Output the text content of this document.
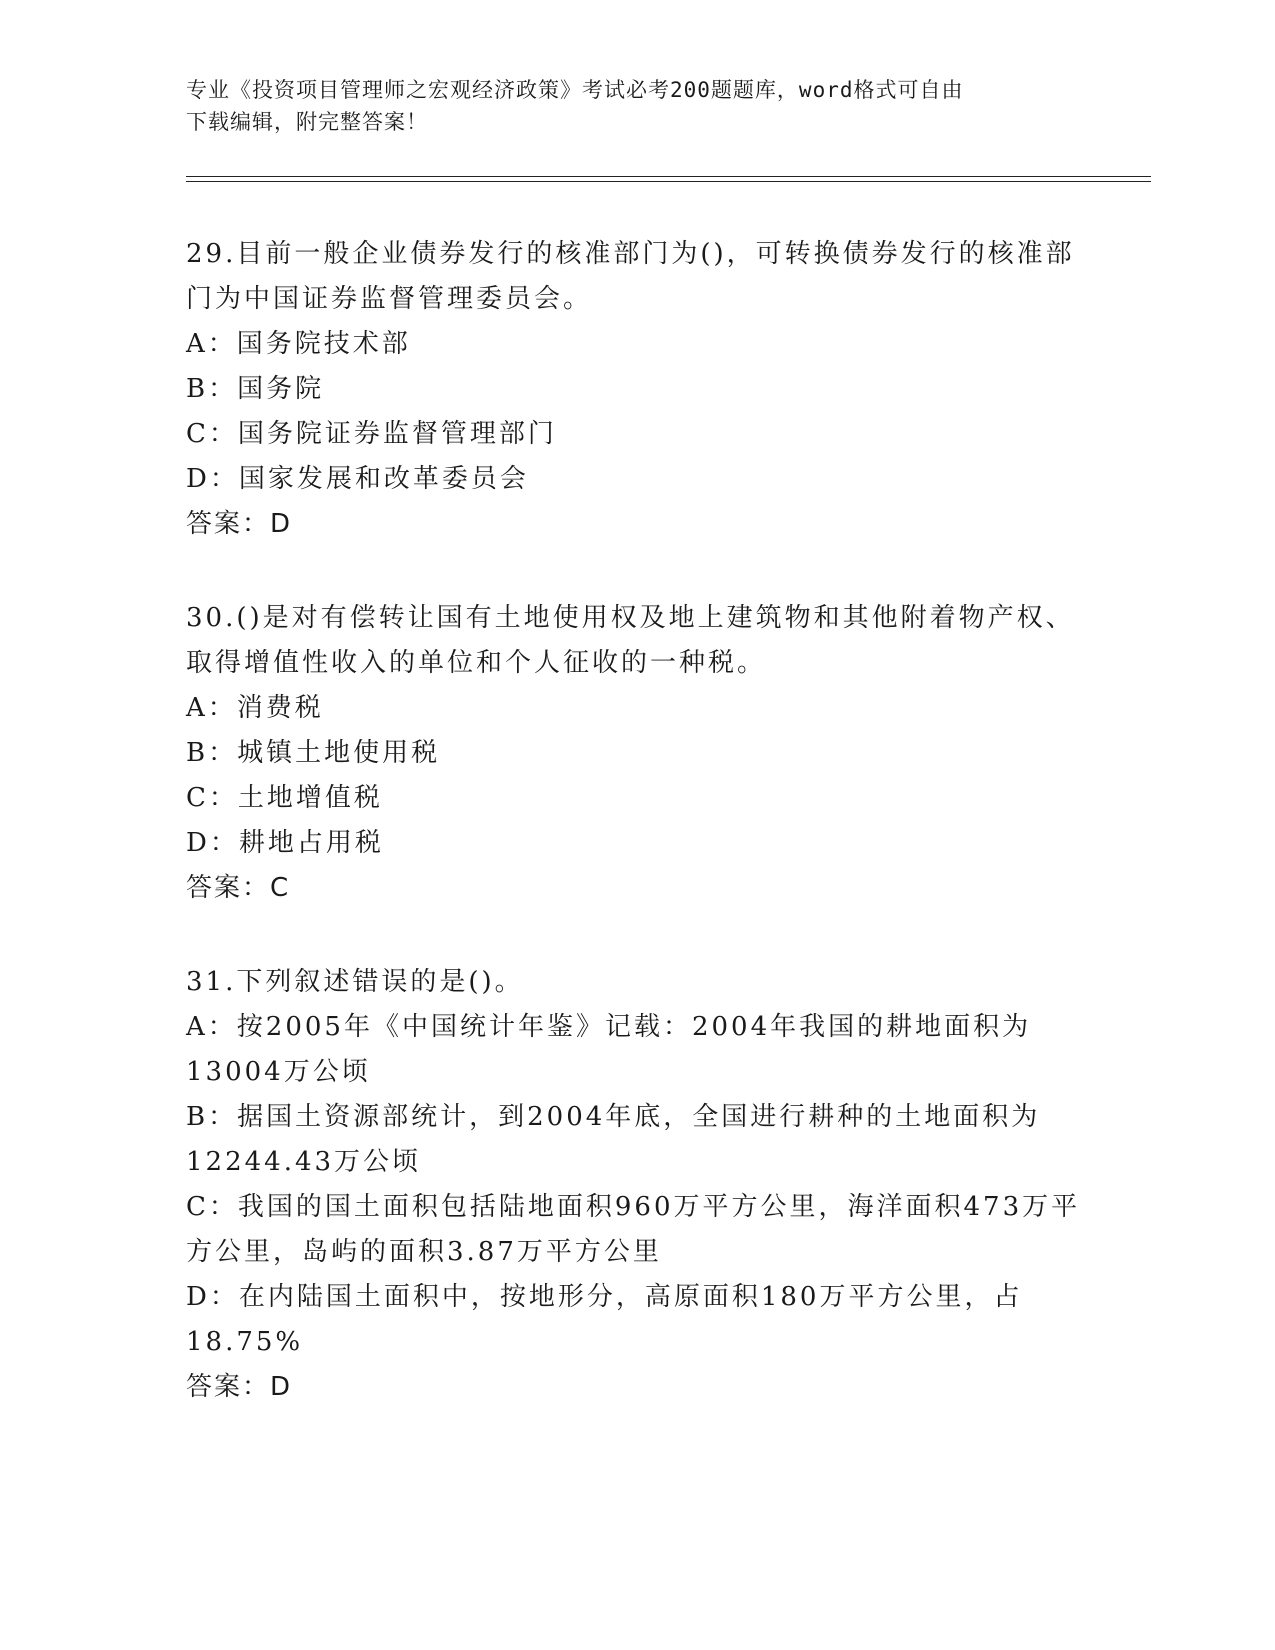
专业《投资项目管理师之宏观经济政策》考试必考200题题库，word格式可自由
下载编辑，附完整答案！
29.目前一般企业债券发行的核准部门为()，可转换债券发行的核准部
门为中国证券监督管理委员会。
A：国务院技术部
B：国务院
C：国务院证券监督管理部门
D：国家发展和改革委员会
答案：D
30.()是对有偿转让国有土地使用权及地上建筑物和其他附着物产权、
取得增值性收入的单位和个人征收的一种税。
A：消费税
B：城镇土地使用税
C：土地增值税
D：耕地占用税
答案：C
31.下列叙述错误的是()。
A：按2005年《中国统计年鉴》记载：2004年我国的耕地面积为
13004万公顷
B：据国土资源部统计，到2004年底，全国进行耕种的土地面积为
12244.43万公顷
C：我国的国土面积包括陆地面积960万平方公里，海洋面积473万平
方公里，岛屿的面积3.87万平方公里
D：在内陆国土面积中，按地形分，高原面积180万平方公里，占
18.75%
答案：D
